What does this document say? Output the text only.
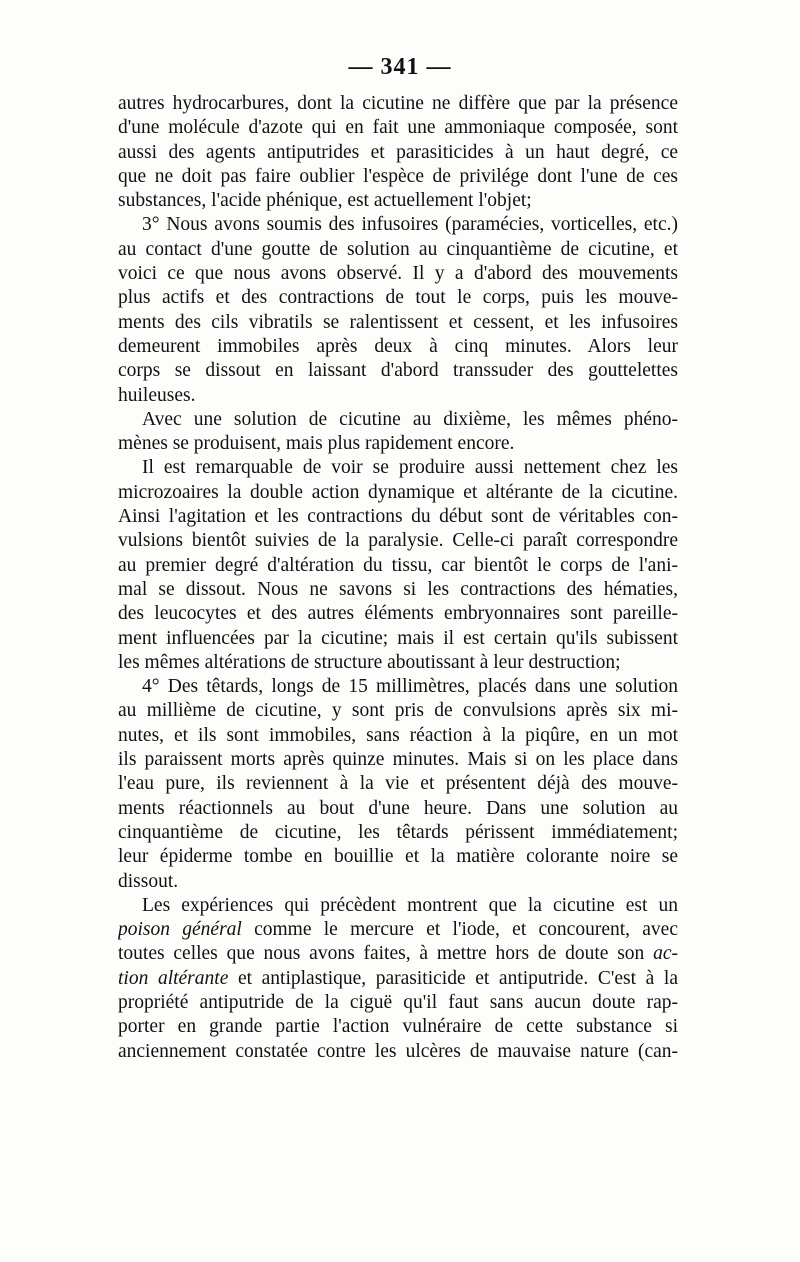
— 341 —
autres hydrocarbures, dont la cicutine ne diffère que par la présence
d'une molécule d'azote qui en fait une ammoniaque composée, sont
aussi des agents antiputrides et parasiticides à un haut degré, ce
que ne doit pas faire oublier l'espèce de privilége dont l'une de ces
substances, l'acide phénique, est actuellement l'objet;
3° Nous avons soumis des infusoires (paramécies, vorticelles, etc.)
au contact d'une goutte de solution au cinquantième de cicutine, et
voici ce que nous avons observé. Il y a d'abord des mouvements
plus actifs et des contractions de tout le corps, puis les mouve-
ments des cils vibratils se ralentissent et cessent, et les infusoires
demeurent immobiles après deux à cinq minutes. Alors leur
corps se dissout en laissant d'abord transsuder des gouttelettes
huileuses.
Avec une solution de cicutine au dixième, les mêmes phéno-
mènes se produisent, mais plus rapidement encore.
Il est remarquable de voir se produire aussi nettement chez les
microzoaires la double action dynamique et altérante de la cicutine.
Ainsi l'agitation et les contractions du début sont de véritables con-
vulsions bientôt suivies de la paralysie. Celle-ci paraît correspondre
au premier degré d'altération du tissu, car bientôt le corps de l'ani-
mal se dissout. Nous ne savons si les contractions des hématies,
des leucocytes et des autres éléments embryonnaires sont pareille-
ment influencées par la cicutine; mais il est certain qu'ils subissent
les mêmes altérations de structure aboutissant à leur destruction;
4° Des têtards, longs de 15 millimètres, placés dans une solution
au millième de cicutine, y sont pris de convulsions après six mi-
nutes, et ils sont immobiles, sans réaction à la piqûre, en un mot
ils paraissent morts après quinze minutes. Mais si on les place dans
l'eau pure, ils reviennent à la vie et présentent déjà des mouve-
ments réactionnels au bout d'une heure. Dans une solution au
cinquantième de cicutine, les têtards périssent immédiatement;
leur épiderme tombe en bouillie et la matière colorante noire se
dissout.
Les expériences qui précèdent montrent que la cicutine est un
poison général comme le mercure et l'iode, et concourent, avec
toutes celles que nous avons faites, à mettre hors de doute son ac-
tion altérante et antiplastique, parasiticide et antiputride. C'est à la
propriété antiputride de la ciguë qu'il faut sans aucun doute rap-
porter en grande partie l'action vulnéraire de cette substance si
anciennement constatée contre les ulcères de mauvaise nature (can-
